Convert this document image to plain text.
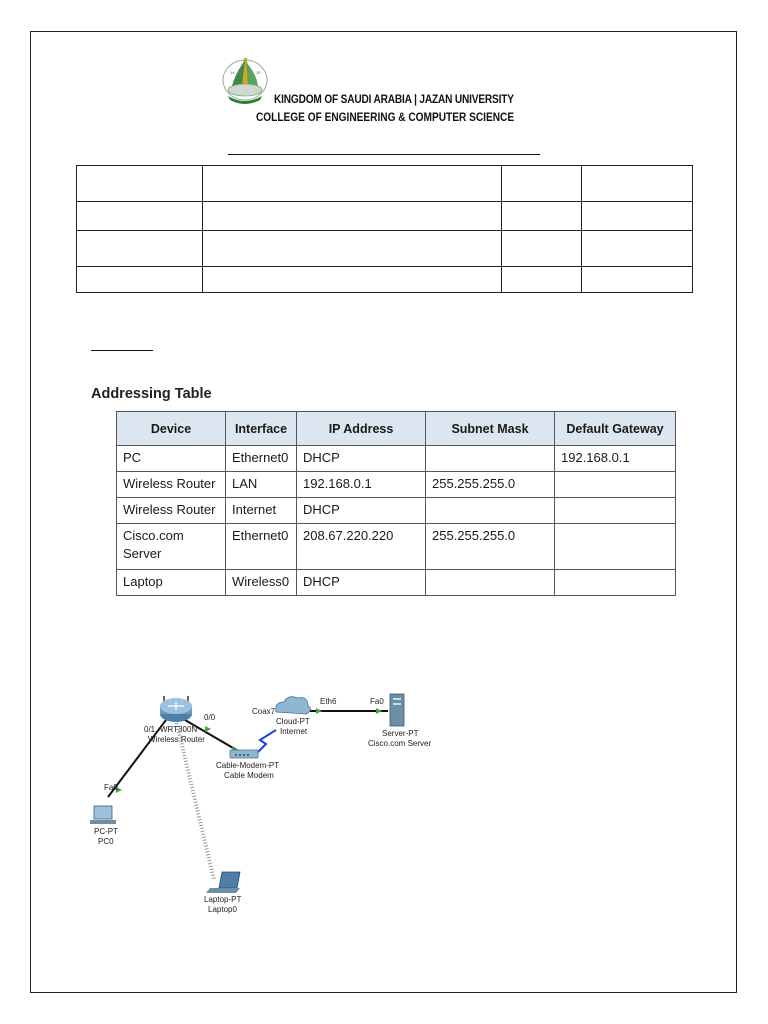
14	19
KINGDOM OF SAUDI ARABIA | JAZAN UNIVERSITY
COLLEGE OF ENGINEERING & COMPUTER SCIENCE

Addressing Table
Device	Interface	IP Address	Subnet Mask	Default Gateway
PC	Ethernet0	DHCP		192.168.0.1
Wireless Router	LAN	192.168.0.1	255.255.255.0	
Wireless Router	Internet	DHCP		
Cisco.com Server	Ethernet0	208.67.220.220	255.255.255.0	
Laptop	Wireless0	DHCP		
0/1 WRT300N
Wireless Router
0/0
Cable-Modem-PT
Cable Modem
Coax7
Cloud-PT
Internet
Eth6	Fa0
Server-PT
Cisco.com Server
Fa0
PC-PT
PC0
Laptop-PT
Laptop0
